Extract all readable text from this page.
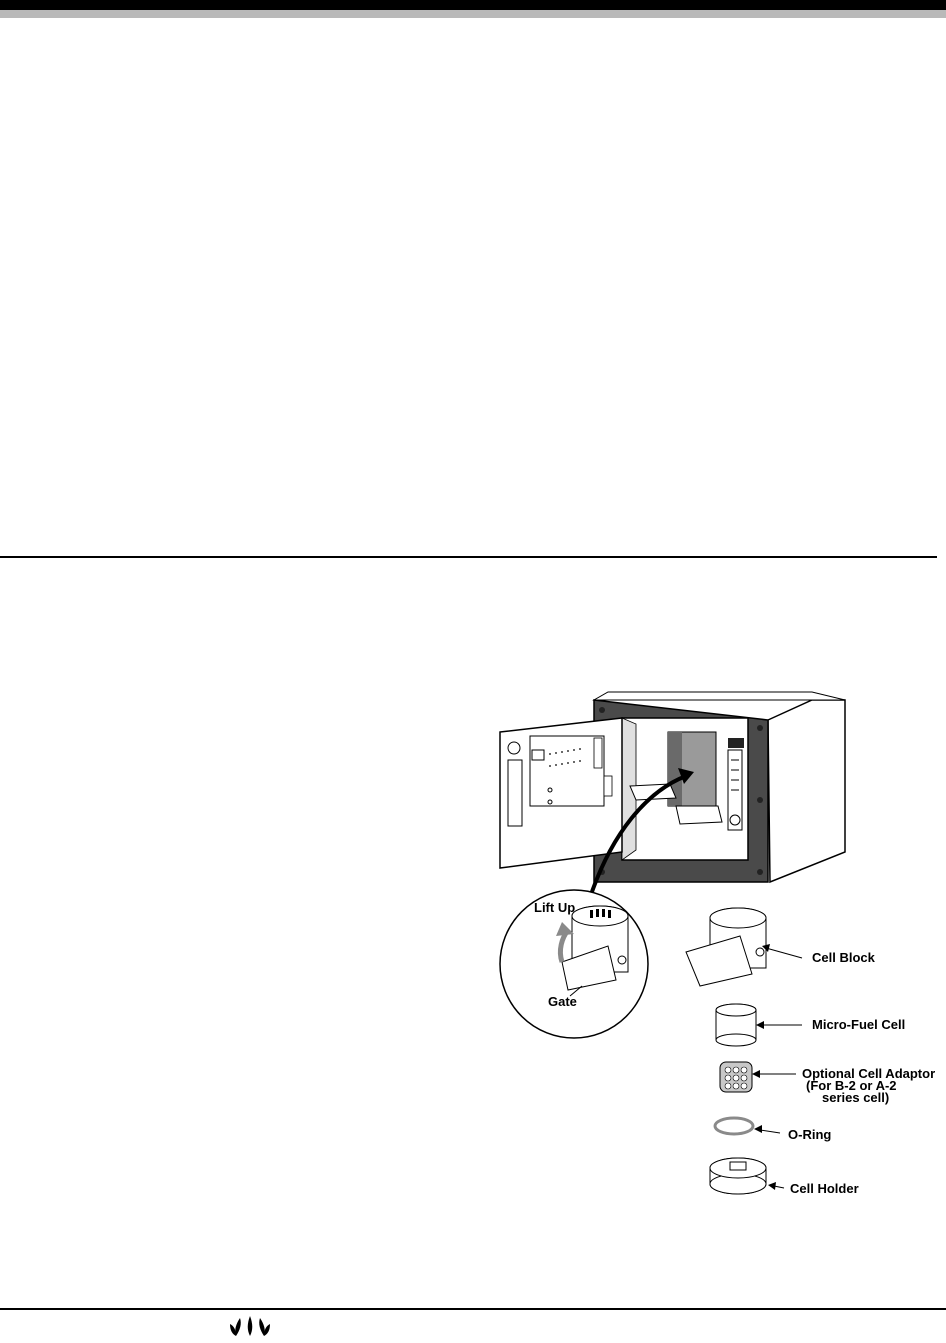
Lift Up
Gate
Cell Block
Micro-Fuel Cell
Optional Cell Adaptor
(For B-2 or A-2
series cell)
O-Ring
Cell Holder
